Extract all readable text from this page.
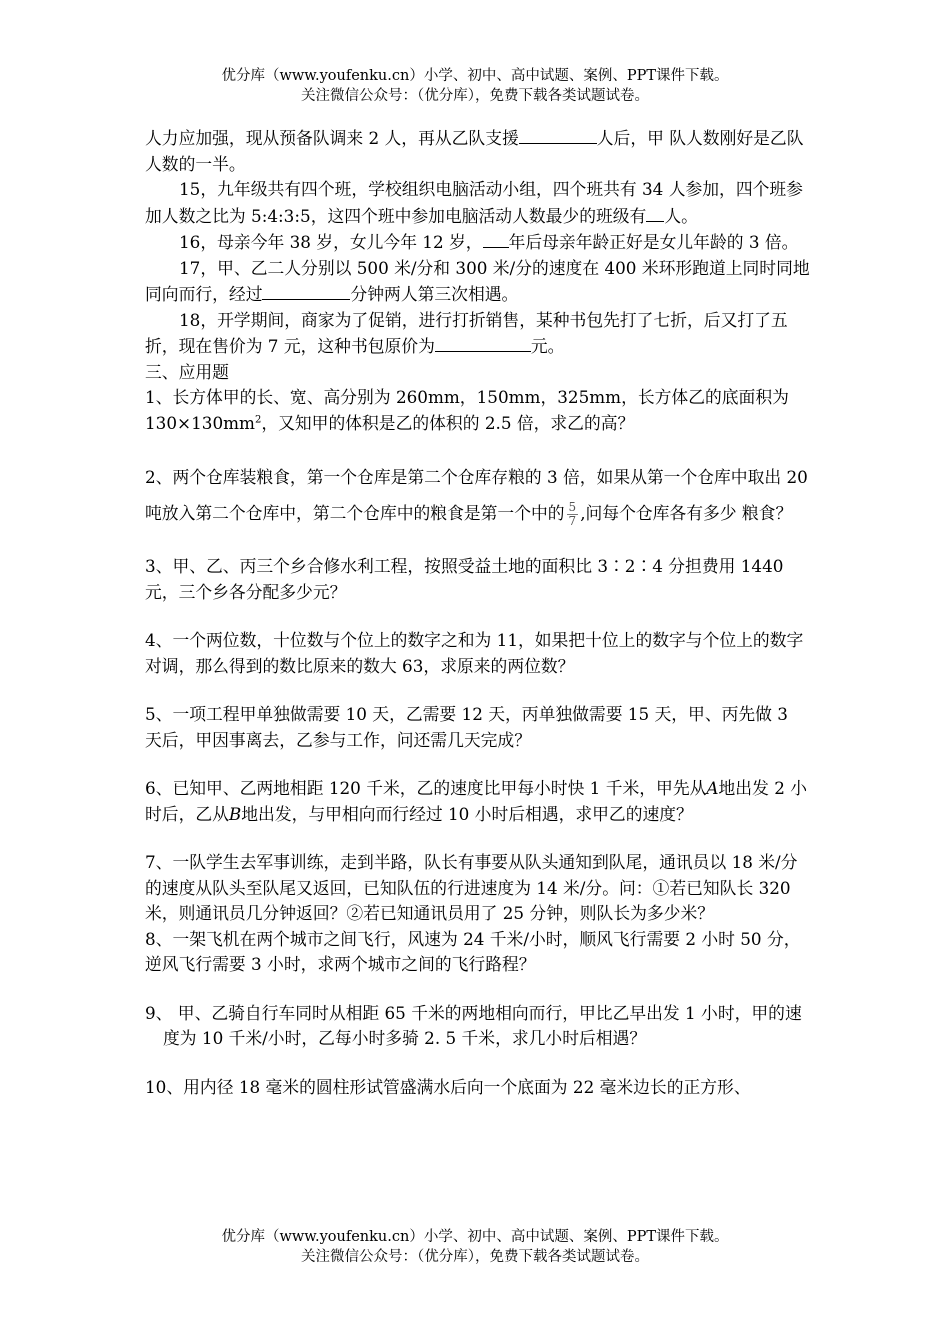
优分库（www.youfenku.cn）小学、初中、高中试题、案例、PPT课件下载。
关注微信公众号：（优分库），免费下载各类试题试卷。

人力应加强，现从预备队调来 2 人，再从乙队支援	人后，甲 队人数刚好是乙队人数的一半。

15，九年级共有四个班，学校组织电脑活动小组，四个班共有 34 人参加，四个班参加人数之比为 5:4:3:5，这四个班中参加电脑活动人数最少的班级有 人。

16，母亲今年 38 岁，女儿今年 12 岁， 年后母亲年龄正好是女儿年龄的 3 倍。

17，甲、乙二人分别以 500 米/分和 300 米/分的速度在 400 米环形跑道上同时同地同向而行，经过	分钟两人第三次相遇。

18，开学期间，商家为了促销，进行打折销售，某种书包先打了七折，后又打了五折，现在售价为 7 元，这种书包原价为	元。

三、应用题

1、长方体甲的长、宽、高分别为 260mm，150mm，325mm，长方体乙的底面积为 $130\times 130mm^2$，又知甲的体积是乙的体积的 2.5 倍，求乙的高？

2、两个仓库装粮食，第一个仓库是第二个仓库存粮的 3 倍，如果从第一个仓库中取出 20 吨放入第二个仓库中，第二个仓库中的粮食是第一个中的 $\frac{5}{7}$ ,问每个仓库各有多少 粮食？

3、甲、乙、丙三个乡合修水利工程，按照受益土地的面积比 3∶2∶4 分担费用 1440 元，三个乡各分配多少元？

4、一个两位数，十位数与个位上的数字之和为 11，如果把十位上的数字与个位上的数字对调，那么得到的数比原来的数大 63，求原来的两位数？

5、一项工程甲单独做需要 10 天，乙需要 12 天，丙单独做需要 15 天，甲、丙先做 3 天后，甲因事离去，乙参与工作，问还需几天完成？

6、已知甲、乙两地相距 120 千米，乙的速度比甲每小时快 1 千米，甲先从A地出发 2 小时后，乙从B地出发，与甲相向而行经过 10 小时后相遇，求甲乙的速度？

7、一队学生去军事训练，走到半路，队长有事要从队头通知到队尾，通讯员以 18 米/分的速度从队头至队尾又返回，已知队伍的行进速度为 14 米/分。问：①若已知队长 320 米，则通讯员几分钟返回？②若已知通讯员用了 25 分钟，则队长为多少米？

8、一架飞机在两个城市之间飞行，风速为 24 千米/小时，顺风飞行需要 2 小时 50 分，逆风飞行需要 3 小时，求两个城市之间的飞行路程？

9、 甲、乙骑自行车同时从相距 65 千米的两地相向而行，甲比乙早出发 1 小时，甲的速度为 10 千米/小时，乙每小时多骑 2. 5 千米，求几小时后相遇？

10、用内径 18 毫米的圆柱形试管盛满水后向一个底面为 22 毫米边长的正方形、

优分库（www.youfenku.cn）小学、初中、高中试题、案例、PPT课件下载。
关注微信公众号：（优分库），免费下载各类试题试卷。
